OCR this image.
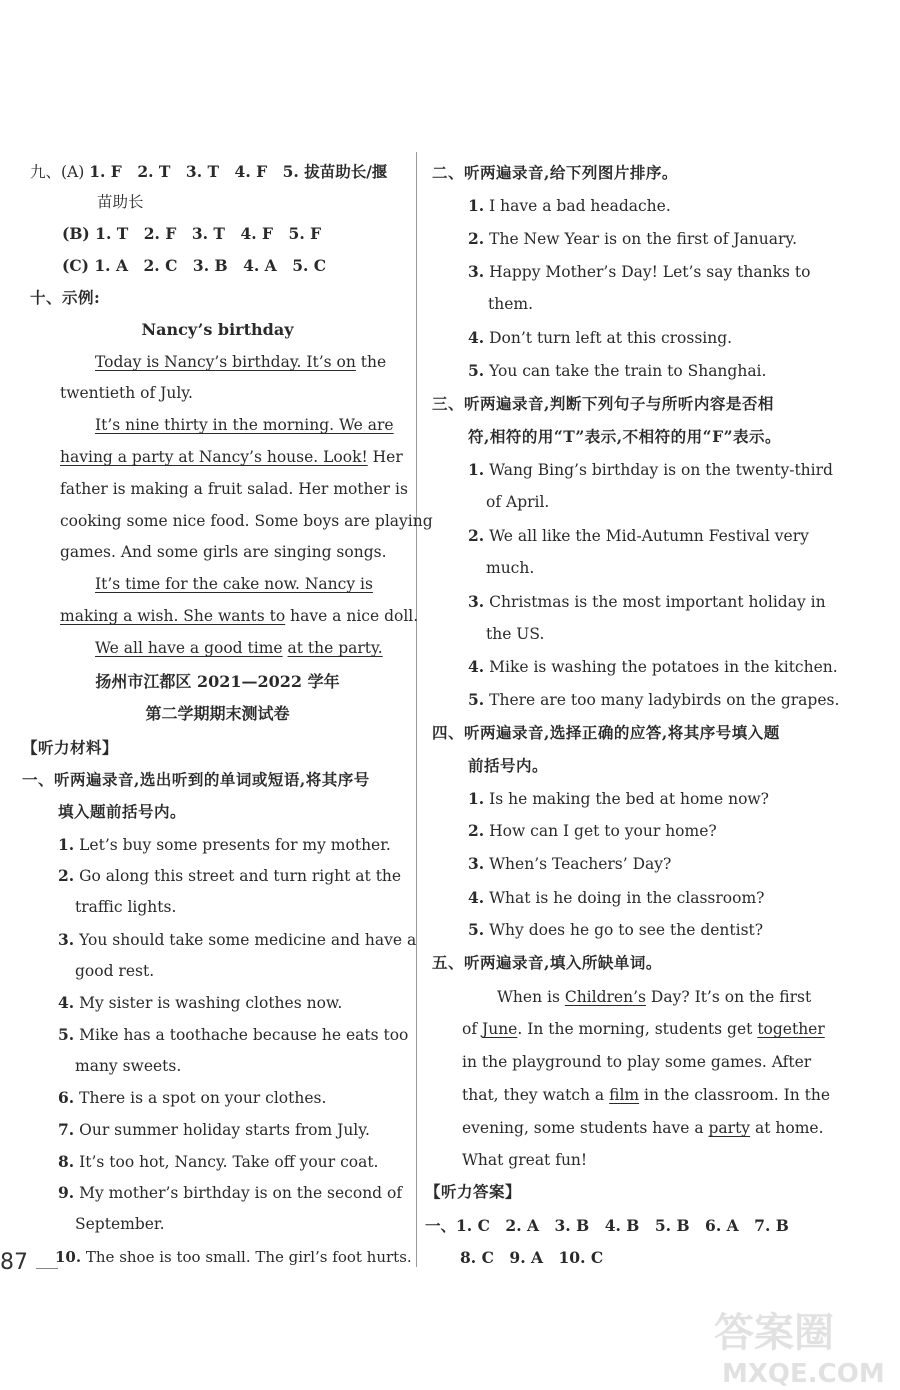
九、(A) 1. F　2. T　3. T　4. F　5. 拔苗助长/揠
苗助长
(B) 1. T　2. F　3. T　4. F　5. F
(C) 1. A　2. C　3. B　4. A　5. C
十、示例:
Nancy’s birthday
Today is Nancy’s birthday. It’s on the
twentieth of July.
It’s nine thirty in the morning. We are
having a party at Nancy’s house. Look! Her
father is making a fruit salad. Her mother is
cooking some nice food. Some boys are playing
games. And some girls are singing songs.
It’s time for the cake now. Nancy is
making a wish. She wants to have a nice doll.
We all have a good time at the party.
扬州市江都区 2021—2022 学年
第二学期期末测试卷
【听力材料】
一、听两遍录音,选出听到的单词或短语,将其序号
填入题前括号内。
1. Let’s buy some presents for my mother.
2. Go along this street and turn right at the
traffic lights.
3. You should take some medicine and have a
good rest.
4. My sister is washing clothes now.
5. Mike has a toothache because he eats too
many sweets.
6. There is a spot on your clothes.
7. Our summer holiday starts from July.
8. It’s too hot, Nancy. Take off your coat.
9. My mother’s birthday is on the second of
September.
10. The shoe is too small. The girl’s foot hurts.
二、听两遍录音,给下列图片排序。
1. I have a bad headache.
2. The New Year is on the first of January.
3. Happy Mother’s Day! Let’s say thanks to
them.
4. Don’t turn left at this crossing.
5. You can take the train to Shanghai.
三、听两遍录音,判断下列句子与所听内容是否相
符,相符的用“T”表示,不相符的用“F”表示。
1. Wang Bing’s birthday is on the twenty-third
of April.
2. We all like the Mid-Autumn Festival very
much.
3. Christmas is the most important holiday in
the US.
4. Mike is washing the potatoes in the kitchen.
5. There are too many ladybirds on the grapes.
四、听两遍录音,选择正确的应答,将其序号填入题
前括号内。
1. Is he making the bed at home now?
2. How can I get to your home?
3. When’s Teachers’ Day?
4. What is he doing in the classroom?
5. Why does he go to see the dentist?
五、听两遍录音,填入所缺单词。
When is Children’s Day? It’s on the first
of June. In the morning, students get together
in the playground to play some games. After
that, they watch a film in the classroom. In the
evening, some students have a party at home.
What great fun!
【听力答案】
一、1. C　2. A　3. B　4. B　5. B　6. A　7. B
8. C　9. A　10. C
87
答案圈
MXQE.COM
